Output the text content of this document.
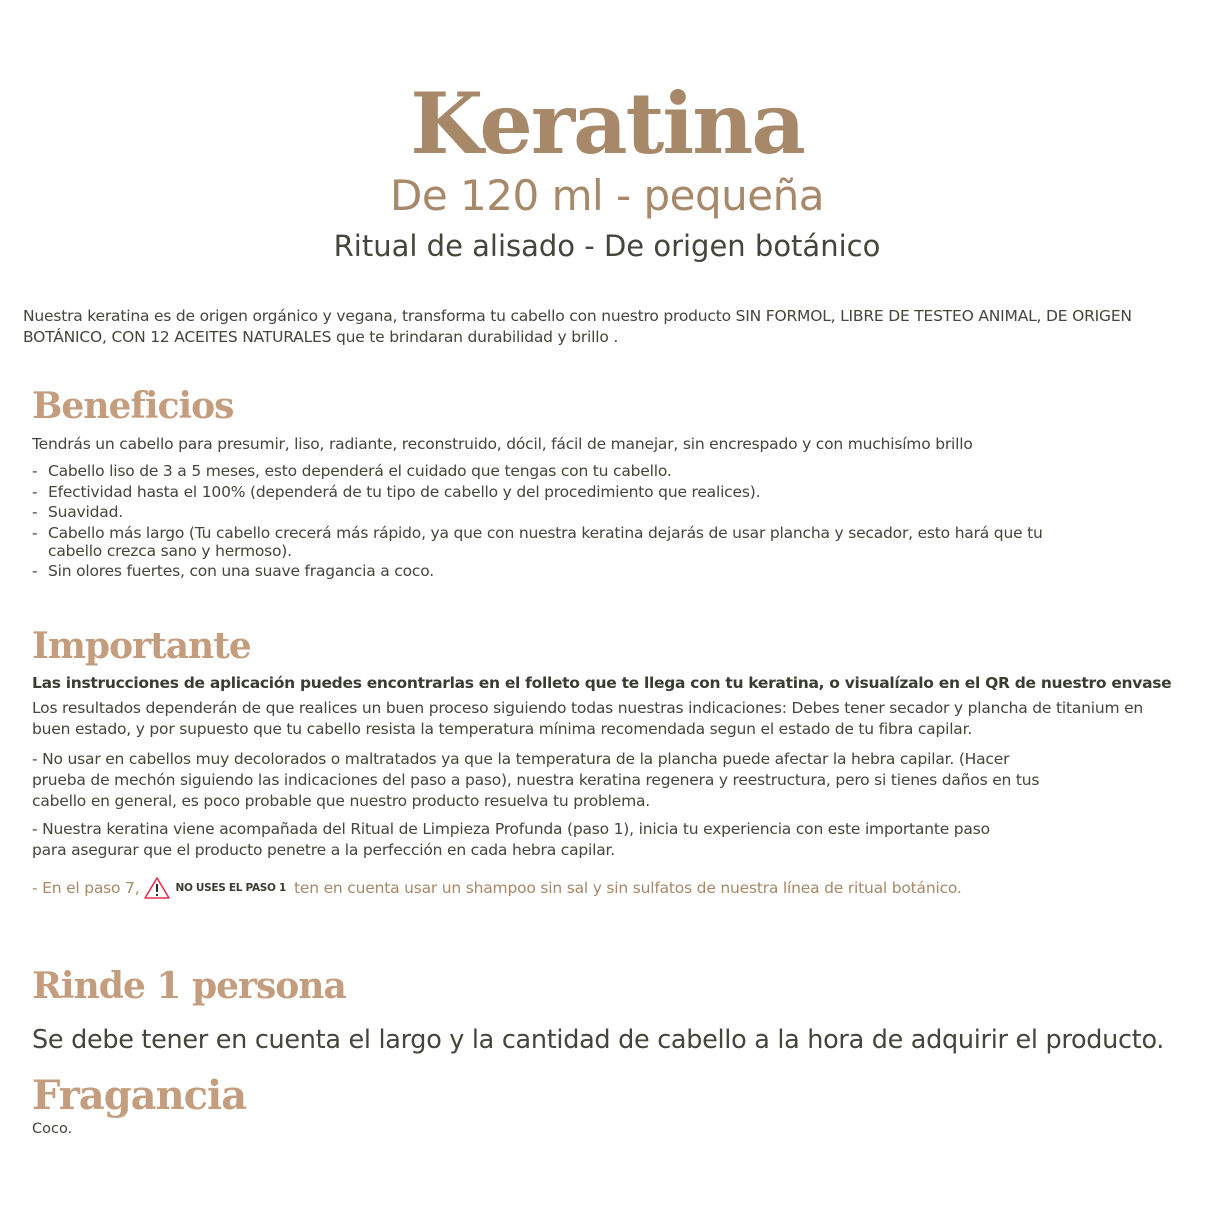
Keratina
De 120 ml - pequeña
Ritual de alisado - De origen botánico
Nuestra keratina es de origen orgánico y vegana, transforma tu cabello con nuestro producto SIN FORMOL, LIBRE DE TESTEO ANIMAL, DE ORIGEN BOTÁNICO, CON 12 ACEITES NATURALES que te brindaran durabilidad y brillo .
Beneficios
Tendrás un cabello para presumir, liso, radiante, reconstruido, dócil, fácil de manejar, sin encrespado y con muchisímo brillo
- Cabello liso de 3 a 5 meses, esto dependerá el cuidado que tengas con tu cabello.
- Efectividad hasta el 100% (dependerá de tu tipo de cabello y del procedimiento que realices).
- Suavidad.
- Cabello más largo (Tu cabello crecerá más rápido, ya que con nuestra keratina dejarás de usar plancha y secador, esto hará que tu cabello crezca sano y hermoso).
- Sin olores fuertes, con una suave fragancia a coco.
Importante
Las instrucciones de aplicación puedes encontrarlas en el folleto que te llega con tu keratina, o visualízalo en el QR de nuestro envase
Los resultados dependerán de que realices un buen proceso siguiendo todas nuestras indicaciones: Debes tener secador y plancha de titanium en buen estado, y por supuesto que tu cabello resista la temperatura mínima recomendada segun el estado de tu fibra capilar.
- No usar en cabellos muy decolorados o maltratados ya que la temperatura de la plancha puede afectar la hebra capilar. (Hacer prueba de mechón siguiendo las indicaciones del paso a paso), nuestra keratina regenera y reestructura, pero si tienes daños en tus cabello en general, es poco probable que nuestro producto resuelva tu problema.
- Nuestra keratina viene acompañada del Ritual de Limpieza Profunda (paso 1), inicia tu experiencia con este importante paso para asegurar que el producto penetre a la perfección en cada hebra capilar.
- En el paso 7,	NO USES EL PASO 1 ten en cuenta usar un shampoo sin sal y sin sulfatos de nuestra línea de ritual botánico.
Rinde 1 persona
Se debe tener en cuenta el largo y la cantidad de cabello a la hora de adquirir el producto.
Fragancia
Coco.
